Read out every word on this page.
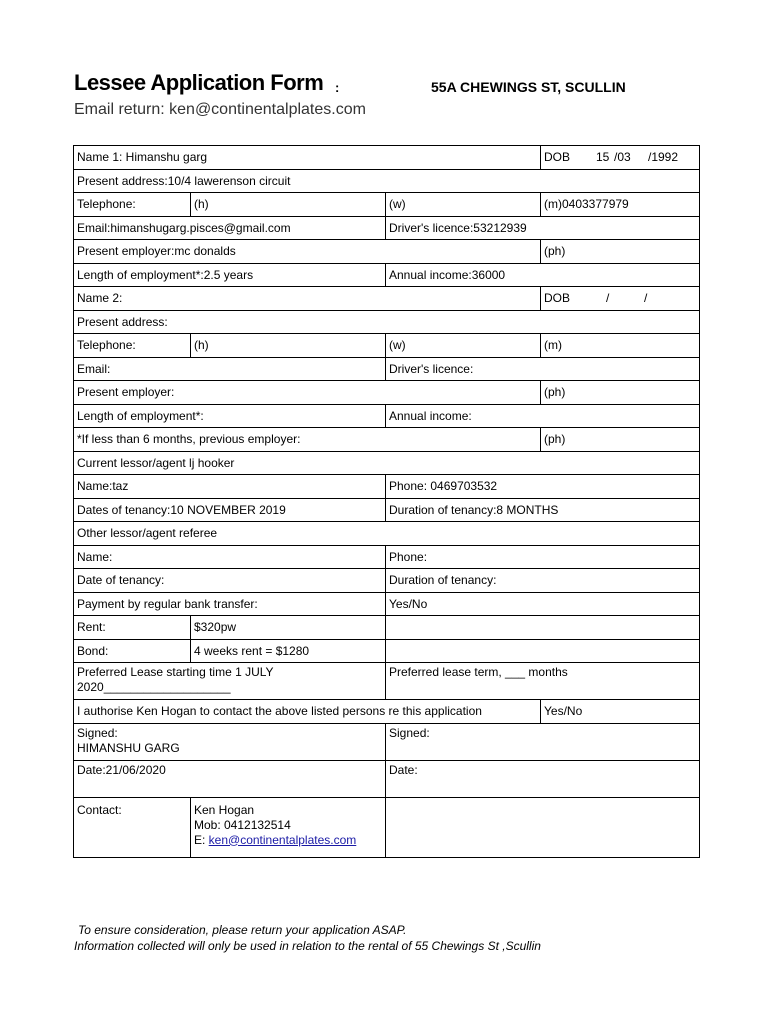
Lessee Application Form :	55A CHEWINGS ST, SCULLIN
Email return: ken@continentalplates.com
Name 1: Himanshu garg			DOB 15 /03 /1992
Present address:10/4 lawerenson circuit			
Telephone:	(h)	(w)	(m)0403377979
Email:himanshugarg.pisces@gmail.com		Driver's licence:53212939	
Present employer:mc donalds			(ph)
Length of employment*:2.5 years		Annual income:36000	
Name 2:			DOB / /
Present address:			
Telephone:	(h)	(w)	(m)
Email:		Driver's licence:	
Present employer:			(ph)
Length of employment*:		Annual income:	
*If less than 6 months, previous employer:			(ph)
Current lessor/agent lj hooker			
Name:taz		Phone: 0469703532	
Dates of tenancy:10 NOVEMBER 2019		Duration of tenancy:8 MONTHS	
Other lessor/agent referee			
Name:		Phone:	
Date of tenancy:		Duration of tenancy:	
Payment by regular bank transfer:		Yes/No	
Rent:	$320pw		
Bond:	4 weeks rent = $1280		

Preferred Lease starting time 1 JULY
2020___________________		Preferred lease term, ___ months	
I authorise Ken Hogan to contact the above listed persons re this application			Yes/No

Signed:
HIMANSHU GARG		Signed:	
Date:21/06/2020		Date:	
Contact:	Ken Hogan
Mob: 0412132514
E: ken@continentalplates.com		

To ensure consideration, please return your application ASAP.
Information collected will only be used in relation to the rental of 55 Chewings St ,Scullin
